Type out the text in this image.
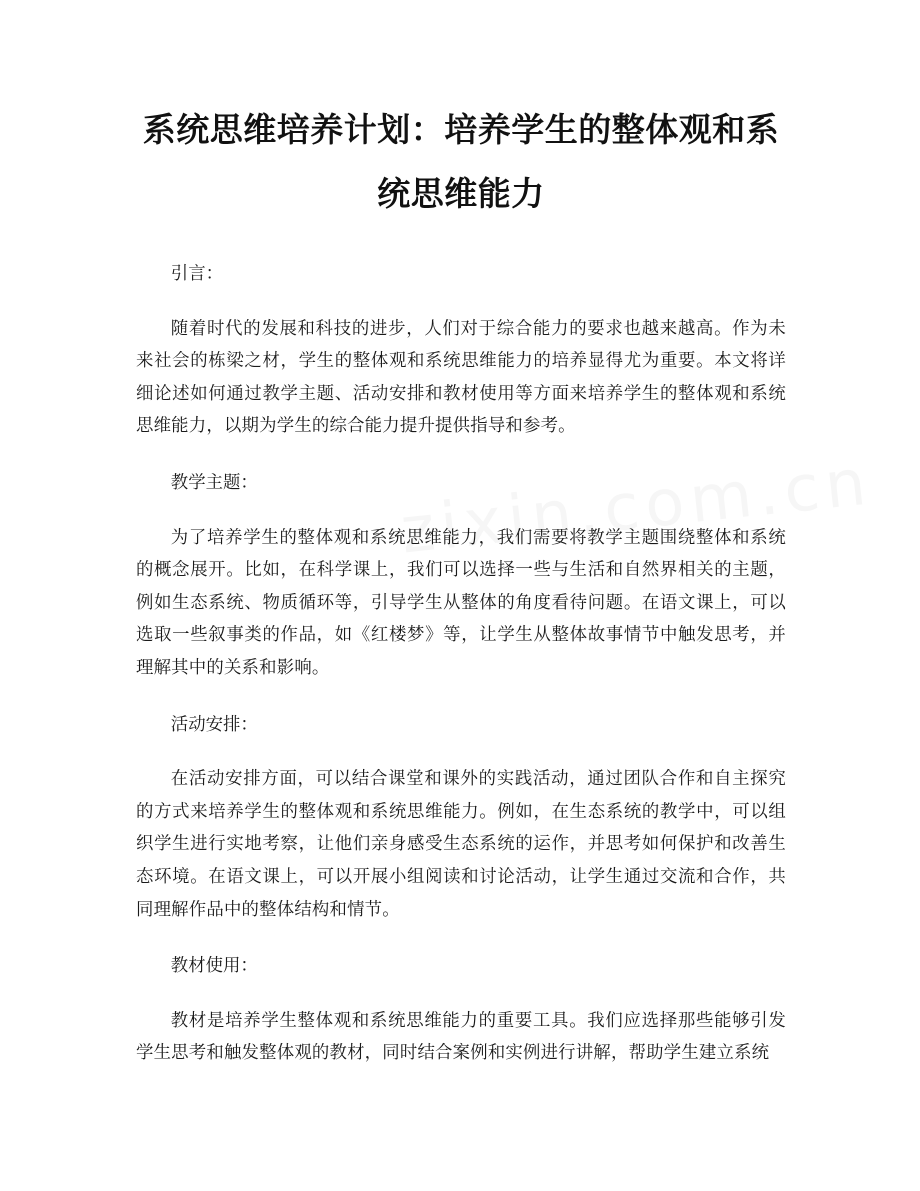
系统思维培养计划：培养学生的整体观和系统思维能力

引言：

随着时代的发展和科技的进步，人们对于综合能力的要求也越来越高。作为未来社会的栋梁之材，学生的整体观和系统思维能力的培养显得尤为重要。本文将详细论述如何通过教学主题、活动安排和教材使用等方面来培养学生的整体观和系统思维能力，以期为学生的综合能力提升提供指导和参考。

教学主题：

为了培养学生的整体观和系统思维能力，我们需要将教学主题围绕整体和系统的概念展开。比如，在科学课上，我们可以选择一些与生活和自然界相关的主题，例如生态系统、物质循环等，引导学生从整体的角度看待问题。在语文课上，可以选取一些叙事类的作品，如《红楼梦》等，让学生从整体故事情节中触发思考，并理解其中的关系和影响。

活动安排：

在活动安排方面，可以结合课堂和课外的实践活动，通过团队合作和自主探究的方式来培养学生的整体观和系统思维能力。例如，在生态系统的教学中，可以组织学生进行实地考察，让他们亲身感受生态系统的运作，并思考如何保护和改善生态环境。在语文课上，可以开展小组阅读和讨论活动，让学生通过交流和合作，共同理解作品中的整体结构和情节。

教材使用：

教材是培养学生整体观和系统思维能力的重要工具。我们应选择那些能够引发学生思考和触发整体观的教材，同时结合案例和实例进行讲解，帮助学生建立系统
